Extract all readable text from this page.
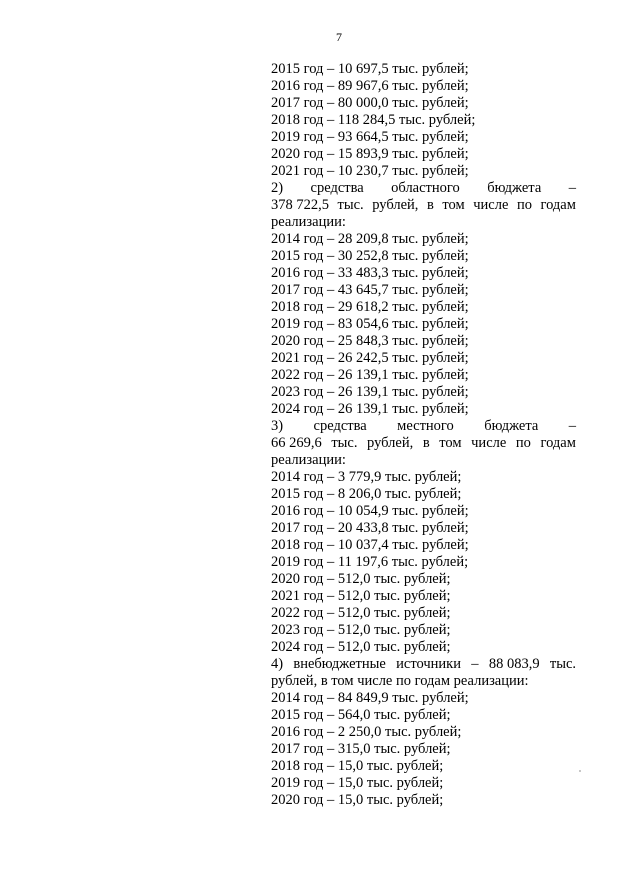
7
2015 год – 10 697,5 тыс. рублей;
2016 год – 89 967,6 тыс. рублей;
2017 год – 80 000,0 тыс. рублей;
2018 год – 118 284,5 тыс. рублей;
2019 год – 93 664,5 тыс. рублей;
2020 год – 15 893,9 тыс. рублей;
2021 год – 10 230,7 тыс. рублей;
2) средства областного бюджета –
378 722,5 тыс. рублей, в том числе по годам
реализации:
2014 год – 28 209,8 тыс. рублей;
2015 год – 30 252,8 тыс. рублей;
2016 год – 33 483,3 тыс. рублей;
2017 год – 43 645,7 тыс. рублей;
2018 год – 29 618,2 тыс. рублей;
2019 год – 83 054,6 тыс. рублей;
2020 год – 25 848,3 тыс. рублей;
2021 год – 26 242,5 тыс. рублей;
2022 год – 26 139,1 тыс. рублей;
2023 год – 26 139,1 тыс. рублей;
2024 год – 26 139,1 тыс. рублей;
3) средства местного бюджета –
66 269,6 тыс. рублей, в том числе по годам
реализации:
2014 год – 3 779,9 тыс. рублей;
2015 год – 8 206,0 тыс. рублей;
2016 год – 10 054,9 тыс. рублей;
2017 год – 20 433,8 тыс. рублей;
2018 год – 10 037,4 тыс. рублей;
2019 год – 11 197,6 тыс. рублей;
2020 год – 512,0 тыс. рублей;
2021 год – 512,0 тыс. рублей;
2022 год – 512,0 тыс. рублей;
2023 год – 512,0 тыс. рублей;
2024 год – 512,0 тыс. рублей;
4) внебюджетные источники – 88 083,9 тыс.
рублей, в том числе по годам реализации:
2014 год – 84 849,9 тыс. рублей;
2015 год – 564,0 тыс. рублей;
2016 год – 2 250,0 тыс. рублей;
2017 год – 315,0 тыс. рублей;
2018 год – 15,0 тыс. рублей;
2019 год – 15,0 тыс. рублей;
2020 год – 15,0 тыс. рублей;
